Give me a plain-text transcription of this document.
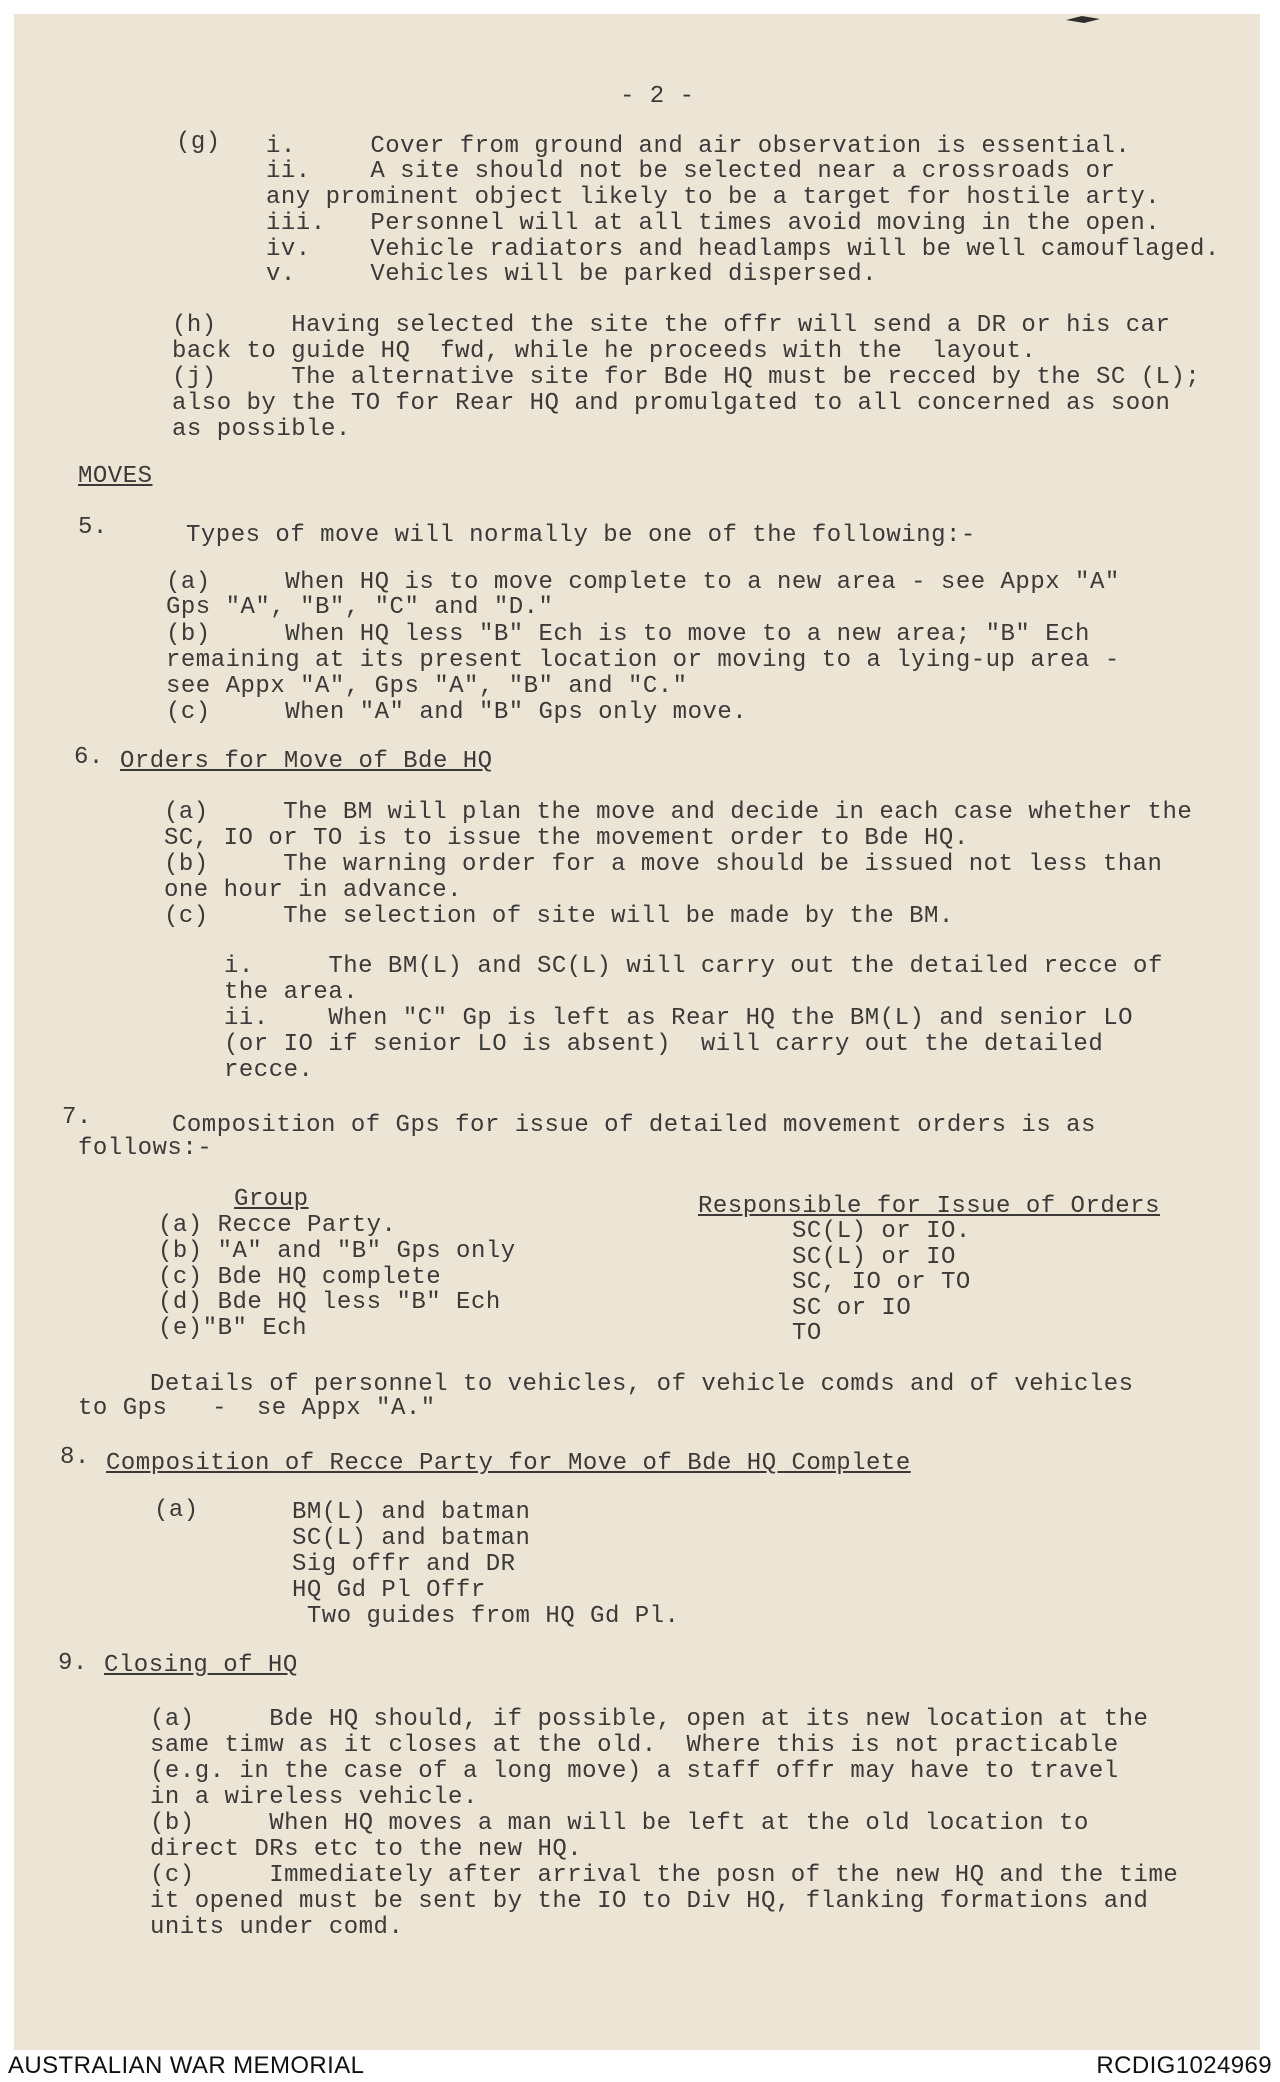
- 2 -
(g) i.     Cover from ground and air observation is essential.
ii.    A site should not be selected near a crossroads or
any prominent object likely to be a target for hostile arty.
iii.   Personnel will at all times avoid moving in the open.
iv.    Vehicle radiators and headlamps will be well camouflaged.
v.     Vehicles will be parked dispersed.
(h)     Having selected the site the offr will send a DR or his car
back to guide HQ  fwd, while he proceeds with the  layout.
(j)     The alternative site for Bde HQ must be recced by the SC (L);
also by the TO for Rear HQ and promulgated to all concerned as soon
as possible.
MOVES
5.	Types of move will normally be one of the following:-
(a)     When HQ is to move complete to a new area - see Appx "A"
Gps "A", "B", "C" and "D."
(b)     When HQ less "B" Ech is to move to a new area; "B" Ech
remaining at its present location or moving to a lying-up area -
see Appx "A", Gps "A", "B" and "C."
(c)     When "A" and "B" Gps only move.
6. Orders for Move of Bde HQ
(a)     The BM will plan the move and decide in each case whether the
SC, IO or TO is to issue the movement order to Bde HQ.
(b)     The warning order for a move should be issued not less than
one hour in advance.
(c)     The selection of site will be made by the BM.
i.     The BM(L) and SC(L) will carry out the detailed recce of
the area.
ii.    When "C" Gp is left as Rear HQ the BM(L) and senior LO
(or IO if senior LO is absent)  will carry out the detailed
recce.
7.	Composition of Gps for issue of detailed movement orders is as
follows:-
Group	Responsible for Issue of Orders
(a) Recce Party.	SC(L) or IO.
(b) "A" and "B" Gps only	SC(L) or IO
(c) Bde HQ complete	SC, IO or TO
(d) Bde HQ less "B" Ech	SC or IO
(e)"B" Ech	TO
Details of personnel to vehicles, of vehicle comds and of vehicles
to Gps   -  se Appx "A."
8. Composition of Recce Party for Move of Bde HQ Complete
(a)	BM(L) and batman
SC(L) and batman
Sig offr and DR
HQ Gd Pl Offr
Two guides from HQ Gd Pl.
9. Closing of HQ
(a)     Bde HQ should, if possible, open at its new location at the
same timw as it closes at the old.  Where this is not practicable
(e.g. in the case of a long move) a staff offr may have to travel
in a wireless vehicle.
(b)     When HQ moves a man will be left at the old location to
direct DRs etc to the new HQ.
(c)     Immediately after arrival the posn of the new HQ and the time
it opened must be sent by the IO to Div HQ, flanking formations and
units under comd.
AUSTRALIAN WAR MEMORIAL	RCDIG1024969
